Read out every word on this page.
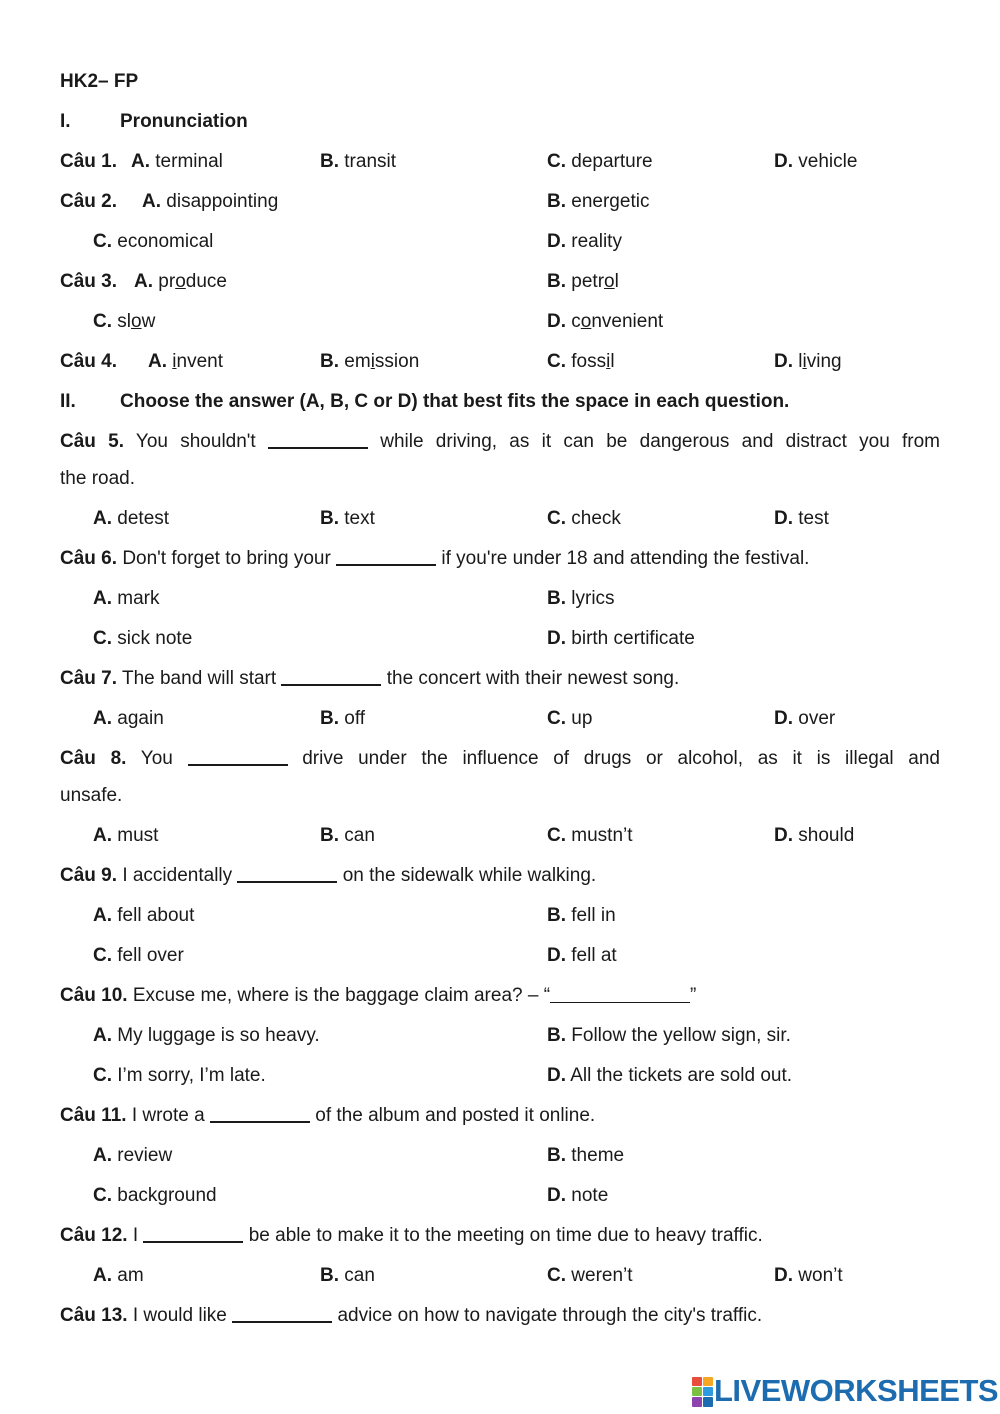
HK2– FP
I.	Pronunciation
Câu 1. A. terminal	B. transit	C. departure	D. vehicle
Câu 2. A. disappointing	B. energetic
C. economical	D. reality
Câu 3. A. produce	B. petrol
C. slow	D. convenient
Câu 4. A. invent	B. emission	C. fossil	D. living
II. Choose the answer (A, B, C or D) that best fits the space in each question.
Câu 5. You shouldn't	while driving, as it can be dangerous and distract you from
the road.
A. detest	B. text	C. check	D. test
Câu 6. Don't forget to bring your	if you're under 18 and attending the festival.
A. mark	B. lyrics
C. sick note	D. birth certificate
Câu 7. The band will start	the concert with their newest song.
A. again	B. off	C. up	D. over
Câu 8. You	drive under the influence of drugs or alcohol, as it is illegal and
unsafe.
A. must	B. can	C. mustn’t	D. should
Câu 9. I accidentally	on the sidewalk while walking.
A. fell about	B. fell in
C. fell over	D. fell at
Câu 10. Excuse me, where is the baggage claim area? – “	”
A. My luggage is so heavy.	B. Follow the yellow sign, sir.
C. I’m sorry, I’m late.	D. All the tickets are sold out.
Câu 11. I wrote a	of the album and posted it online.
A. review	B. theme
C. background	D. note
Câu 12. I	be able to make it to the meeting on time due to heavy traffic.
A. am	B. can	C. weren’t	D. won’t
Câu 13. I would like	advice on how to navigate through the city's traffic.
LIVEWORKSHEETS
